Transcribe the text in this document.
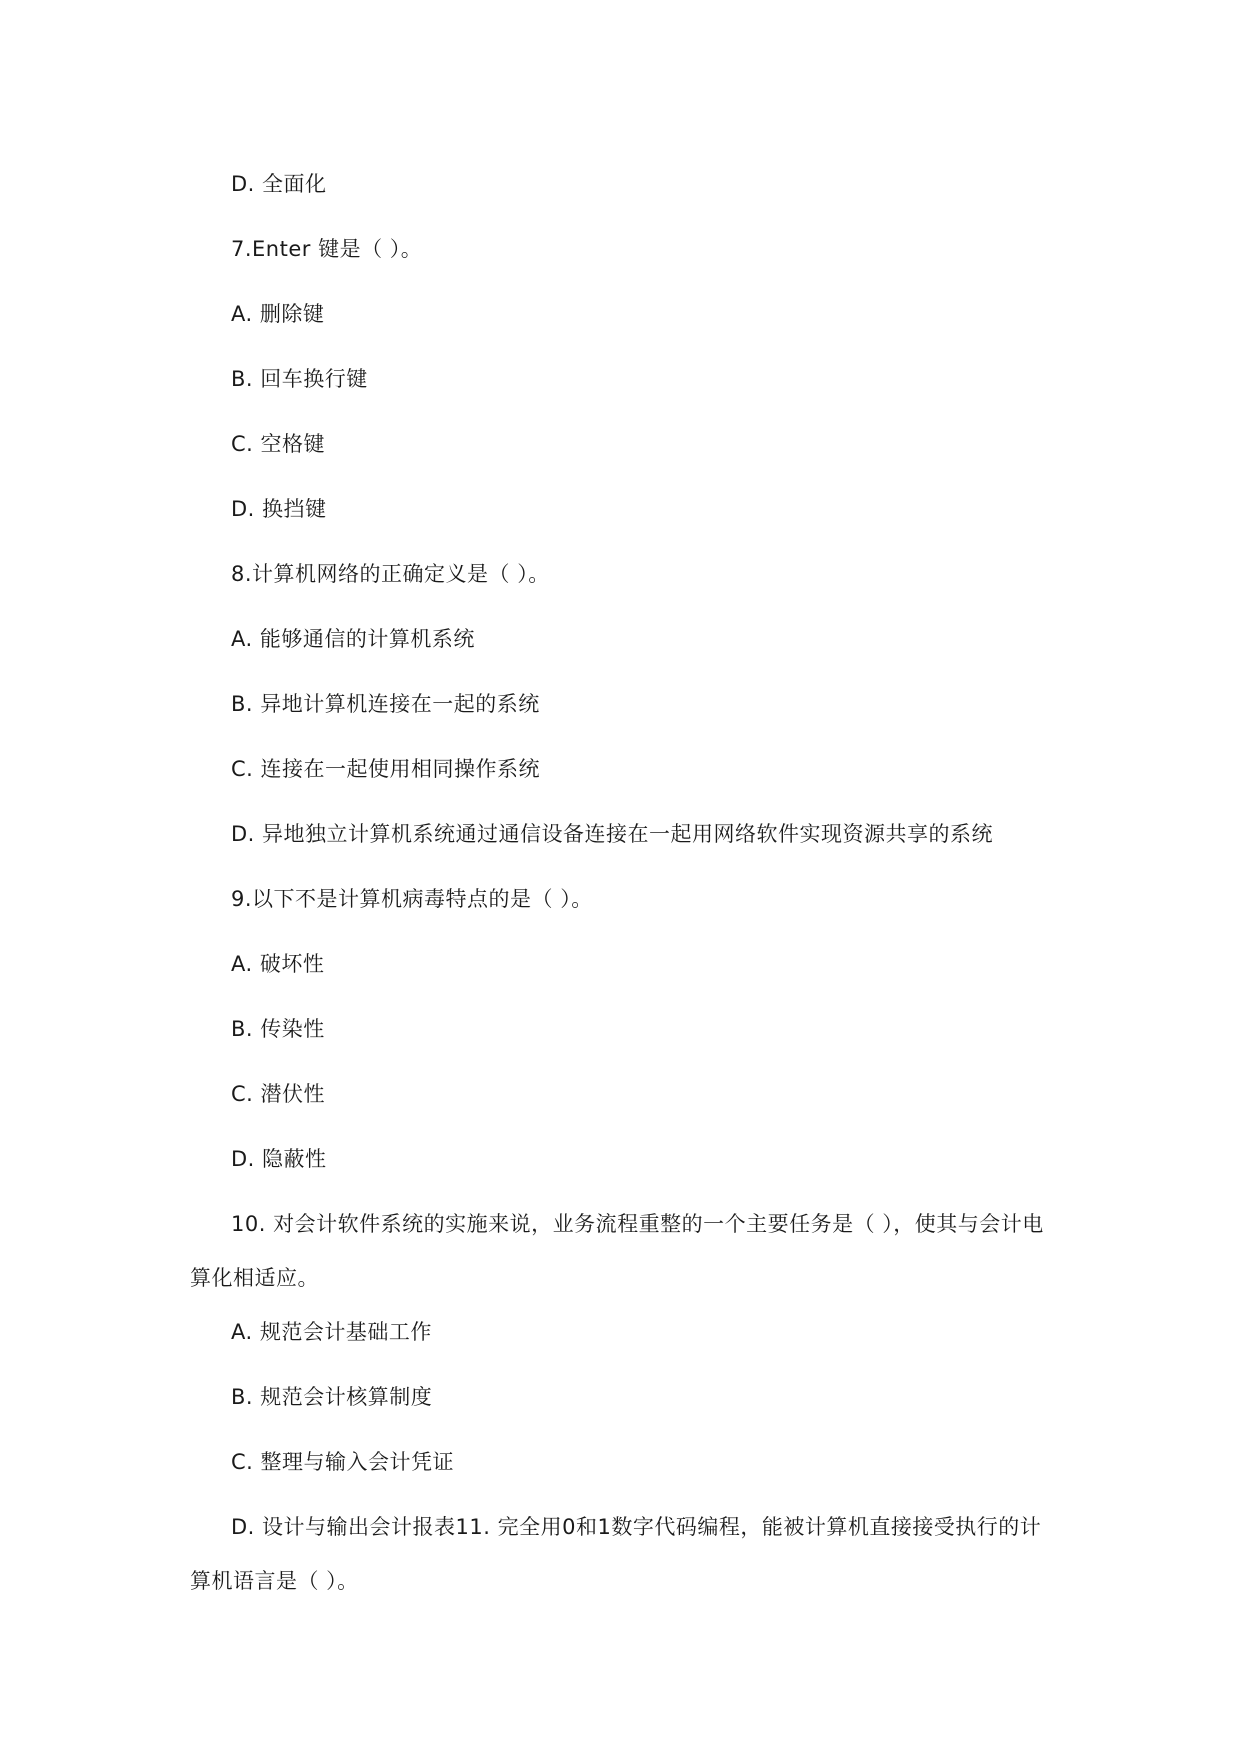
D. 全面化
7.Enter 键是（ ）。
A. 删除键
B. 回车换行键
C. 空格键
D. 换挡键
8.计算机网络的正确定义是（ ）。
A. 能够通信的计算机系统
B. 异地计算机连接在一起的系统
C. 连接在一起使用相同操作系统
D. 异地独立计算机系统通过通信设备连接在一起用网络软件实现资源共享的系统
9.以下不是计算机病毒特点的是（ ）。
A. 破坏性
B. 传染性
C. 潜伏性
D. 隐蔽性
10. 对会计软件系统的实施来说，业务流程重整的一个主要任务是（ ），使其与会计电
算化相适应。
A. 规范会计基础工作
B. 规范会计核算制度
C. 整理与输入会计凭证
D. 设计与输出会计报表11. 完全用0和1数字代码编程，能被计算机直接接受执行的计
算机语言是（ ）。
